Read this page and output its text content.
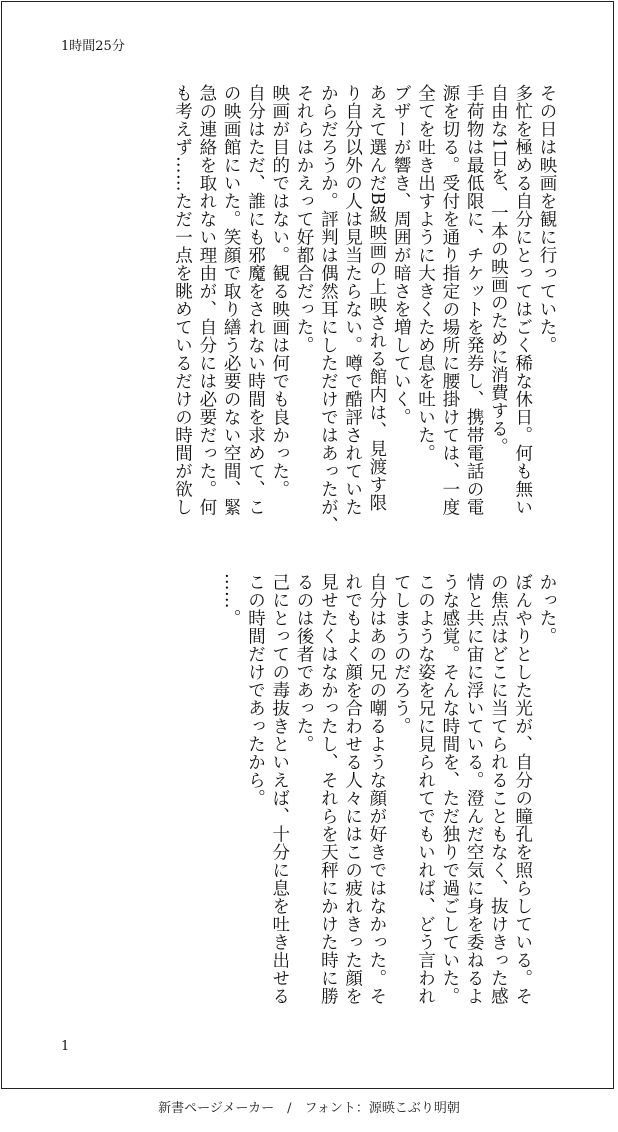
1時間25分
その日は映画を観に行っていた。
多忙を極める自分にとってはごく稀な休日。何も無い
自由な1日を、一本の映画のために消費する。
手荷物は最低限に、チケットを発券し、携帯電話の電
源を切る。受付を通り指定の場所に腰掛けては、一度
全てを吐き出すように大きくため息を吐いた。
ブザーが響き、周囲が暗さを増していく。
あえて選んだB級映画の上映される館内は、見渡す限
り自分以外の人は見当たらない。噂で酷評されていた
からだろうか。評判は偶然耳にしただけではあったが、
それらはかえって好都合だった。
映画が目的ではない。観る映画は何でも良かった。
自分はただ、誰にも邪魔をされない時間を求めて、こ
の映画館にいた。笑顔で取り繕う必要のない空間、緊
急の連絡を取れない理由が、自分には必要だった。何
も考えず……ただ一点を眺めているだけの時間が欲し
かった。
ぼんやりとした光が、自分の瞳孔を照らしている。そ
の焦点はどこに当てられることもなく、抜けきった感
情と共に宙に浮いている。澄んだ空気に身を委ねるよ
うな感覚。そんな時間を、ただ独りで過ごしていた。
このような姿を兄に見られてでもいれば、どう言われ
てしまうのだろう。
自分はあの兄の嘲るような顔が好きではなかった。そ
れでもよく顔を合わせる人々にはこの疲れきった顔を
見せたくはなかったし、それらを天秤にかけた時に勝
るのは後者であった。
己にとっての毒抜きといえば、十分に息を吐き出せる
この時間だけであったから。
……。
1
新書ページメーカー　/　フォント：源暎こぶり明朝
